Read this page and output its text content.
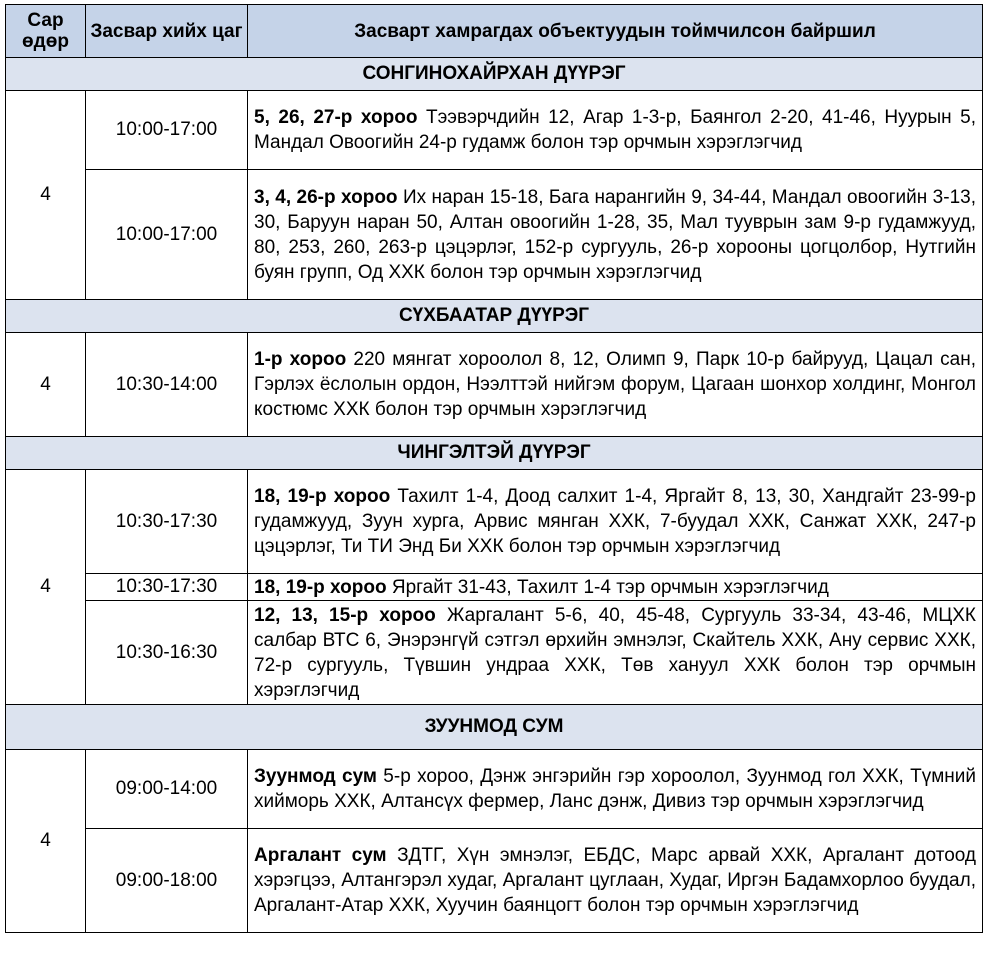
Сар өдөр	Засвар хийх цаг	Засварт хамрагдах объектуудын тоймчилсон байршил
СОНГИНОХАЙРХАН ДҮҮРЭГ		
4	10:00-17:00	5, 26, 27-р хороо Тээвэрчдийн 12, Агар 1-3-р, Баянгол 2-20, 41-46, Нуурын 5, Мандал Овоогийн 24-р гудамж болон тэр орчмын хэрэглэгчид
	10:00-17:00	3, 4, 26-р хороо Их наран 15-18, Бага нарангийн 9, 34-44, Мандал овоогийн 3-13, 30, Баруун наран 50, Алтан овоогийн 1-28, 35, Мал тууврын зам 9-р гудамжууд, 80, 253, 260, 263-р цэцэрлэг, 152-р сургууль, 26-р хорооны цогцолбор, Нутгийн буян групп, Од ХХК болон тэр орчмын хэрэглэгчид
СҮХБААТАР ДҮҮРЭГ		
4	10:30-14:00	1-р хороо 220 мянгат хороолол 8, 12, Олимп 9, Парк 10-р байрууд, Цацал сан, Гэрлэх ёслолын ордон, Нээлттэй нийгэм форум, Цагаан шонхор холдинг, Монгол костюмс ХХК болон тэр орчмын хэрэглэгчид
ЧИНГЭЛТЭЙ ДҮҮРЭГ		
4	10:30-17:30	18, 19-р хороо Тахилт 1-4, Доод салхит 1-4, Яргайт 8, 13, 30, Хандгайт 23-99-р гудамжууд, Зуун хурга, Арвис мянган ХХК, 7-буудал ХХК, Санжат ХХК, 247-р цэцэрлэг, Ти ТИ Энд Би ХХК болон тэр орчмын хэрэглэгчид
	10:30-17:30	18, 19-р хороо Яргайт 31-43, Тахилт 1-4 тэр орчмын хэрэглэгчид
	10:30-16:30	12, 13, 15-р хороо Жаргалант 5-6, 40, 45-48, Сургууль 33-34, 43-46, МЦХК салбар ВТС 6, Энэрэнгүй сэтгэл өрхийн эмнэлэг, Скайтель ХХК, Ану сервис ХХК, 72-р сургууль, Түвшин ундраа ХХК, Төв хануул ХХК болон тэр орчмын хэрэглэгчид
ЗУУНМОД СУМ		
4	09:00-14:00	Зуунмод сум 5-р хороо, Дэнж энгэрийн гэр хороолол, Зуунмод гол ХХК, Түмний хийморь ХХК, Алтансүх фермер, Ланс дэнж, Дивиз тэр орчмын хэрэглэгчид
	09:00-18:00	Аргалант сум ЗДТГ, Хүн эмнэлэг, ЕБДС, Марс арвай ХХК, Аргалант дотоод хэрэгцээ, Алтангэрэл худаг, Аргалант цуглаан, Худаг, Иргэн Бадамхорлоо буудал, Аргалант-Атар ХХК, Хуучин баянцогт болон тэр орчмын хэрэглэгчид
